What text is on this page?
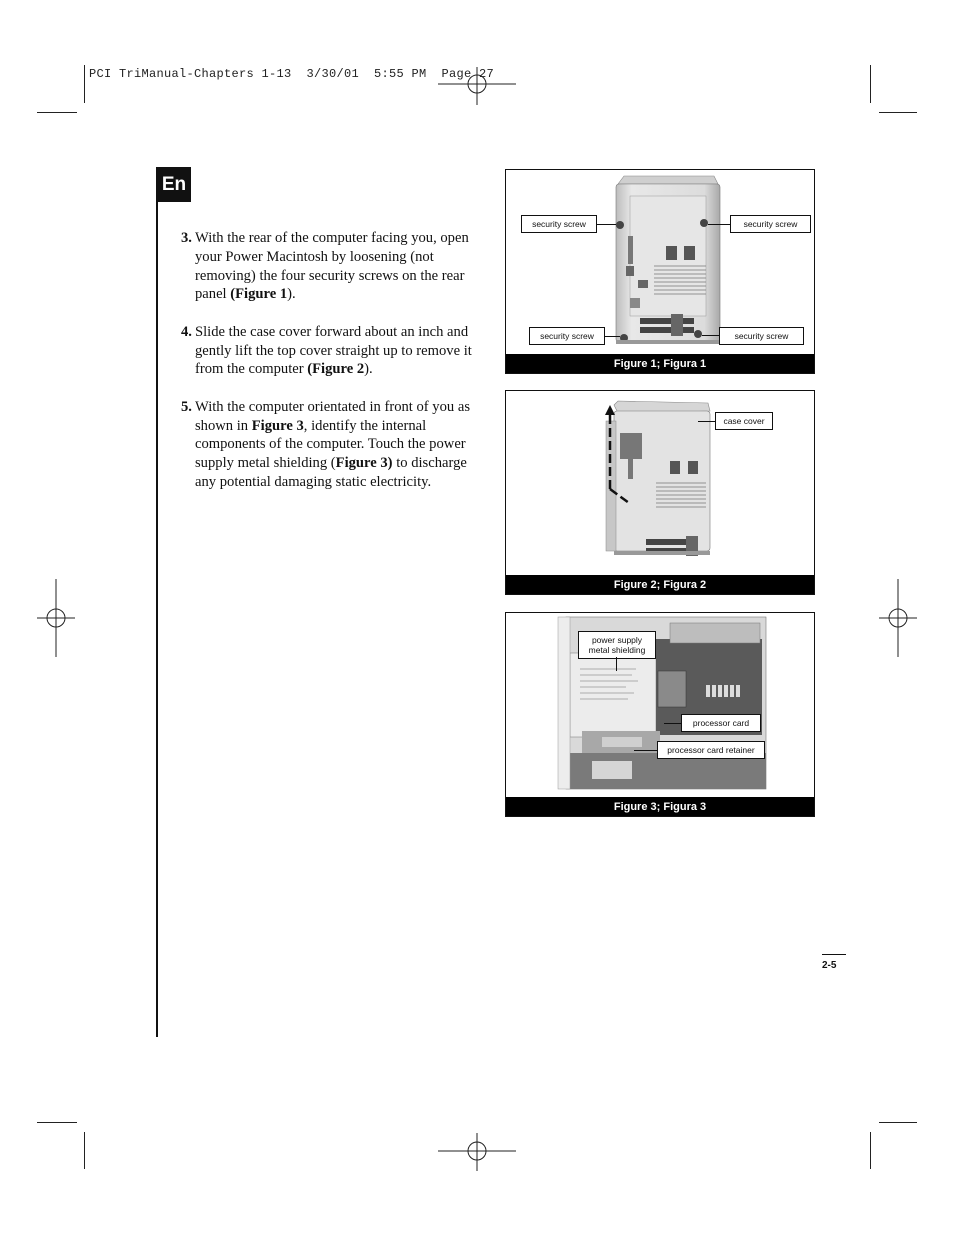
PCI TriManual-Chapters 1-13  3/30/01  5:55 PM  Page 27
En
3. With the rear of the computer facing you, open your Power Macintosh by loosening (not removing) the four security screws on the rear panel (Figure 1).
4. Slide the case cover forward about an inch and gently lift the top cover straight up to remove it from the computer (Figure 2).
5. With the computer orientated in front of you as shown in Figure 3, identify the internal components of the computer. Touch the power supply metal shielding (Figure 3) to discharge any potential damaging static electricity.
security screw	security screw
security screw	security screw
Figure 1; Figura 1
case cover
Figure 2; Figura 2
power supply
metal shielding
processor card
processor card retainer
Figure 3; Figura 3
2-5
